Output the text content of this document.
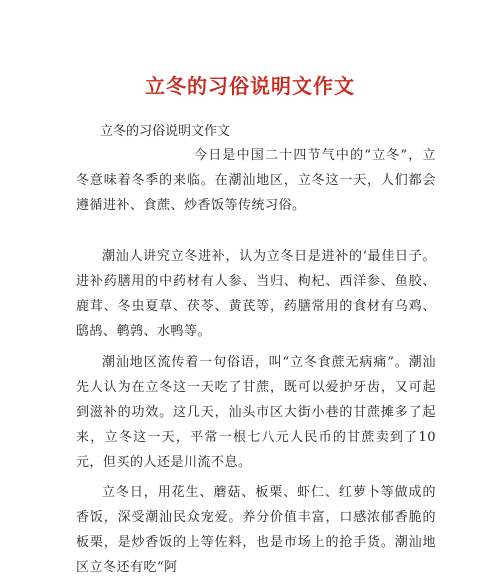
立冬的习俗说明文作文
立冬的习俗说明文作文
今日是中国二十四节气中的“立冬”，立冬意味着冬季的来临。在潮汕地区，立冬这一天，人们都会遵循进补、食蔗、炒香饭等传统习俗。
潮汕人讲究立冬进补，认为立冬日是进补的‘最佳日子。进补药膳用的中药材有人参、当归、枸杞、西洋参、鱼胶、鹿茸、冬虫夏草、茯苓、黄芪等，药膳常用的食材有乌鸡、鸱鸪、鹌鹑、水鸭等。
潮汕地区流传着一句俗语，叫“立冬食蔗无病痛”。潮汕先人认为在立冬这一天吃了甘蔗，既可以爱护牙齿，又可起到滋补的功效。这几天，汕头市区大街小巷的甘蔗摊多了起来，立冬这一天，平常一根七八元人民币的甘蔗卖到了10元，但买的人还是川流不息。
立冬日，用花生、蘑菇、板栗、虾仁、红萝卜等做成的香饭，深受潮汕民众宠爱。养分价值丰富，口感浓郁香脆的板栗，是炒香饭的上等佐料，也是市场上的抢手货。潮汕地区立冬还有吃“阿
